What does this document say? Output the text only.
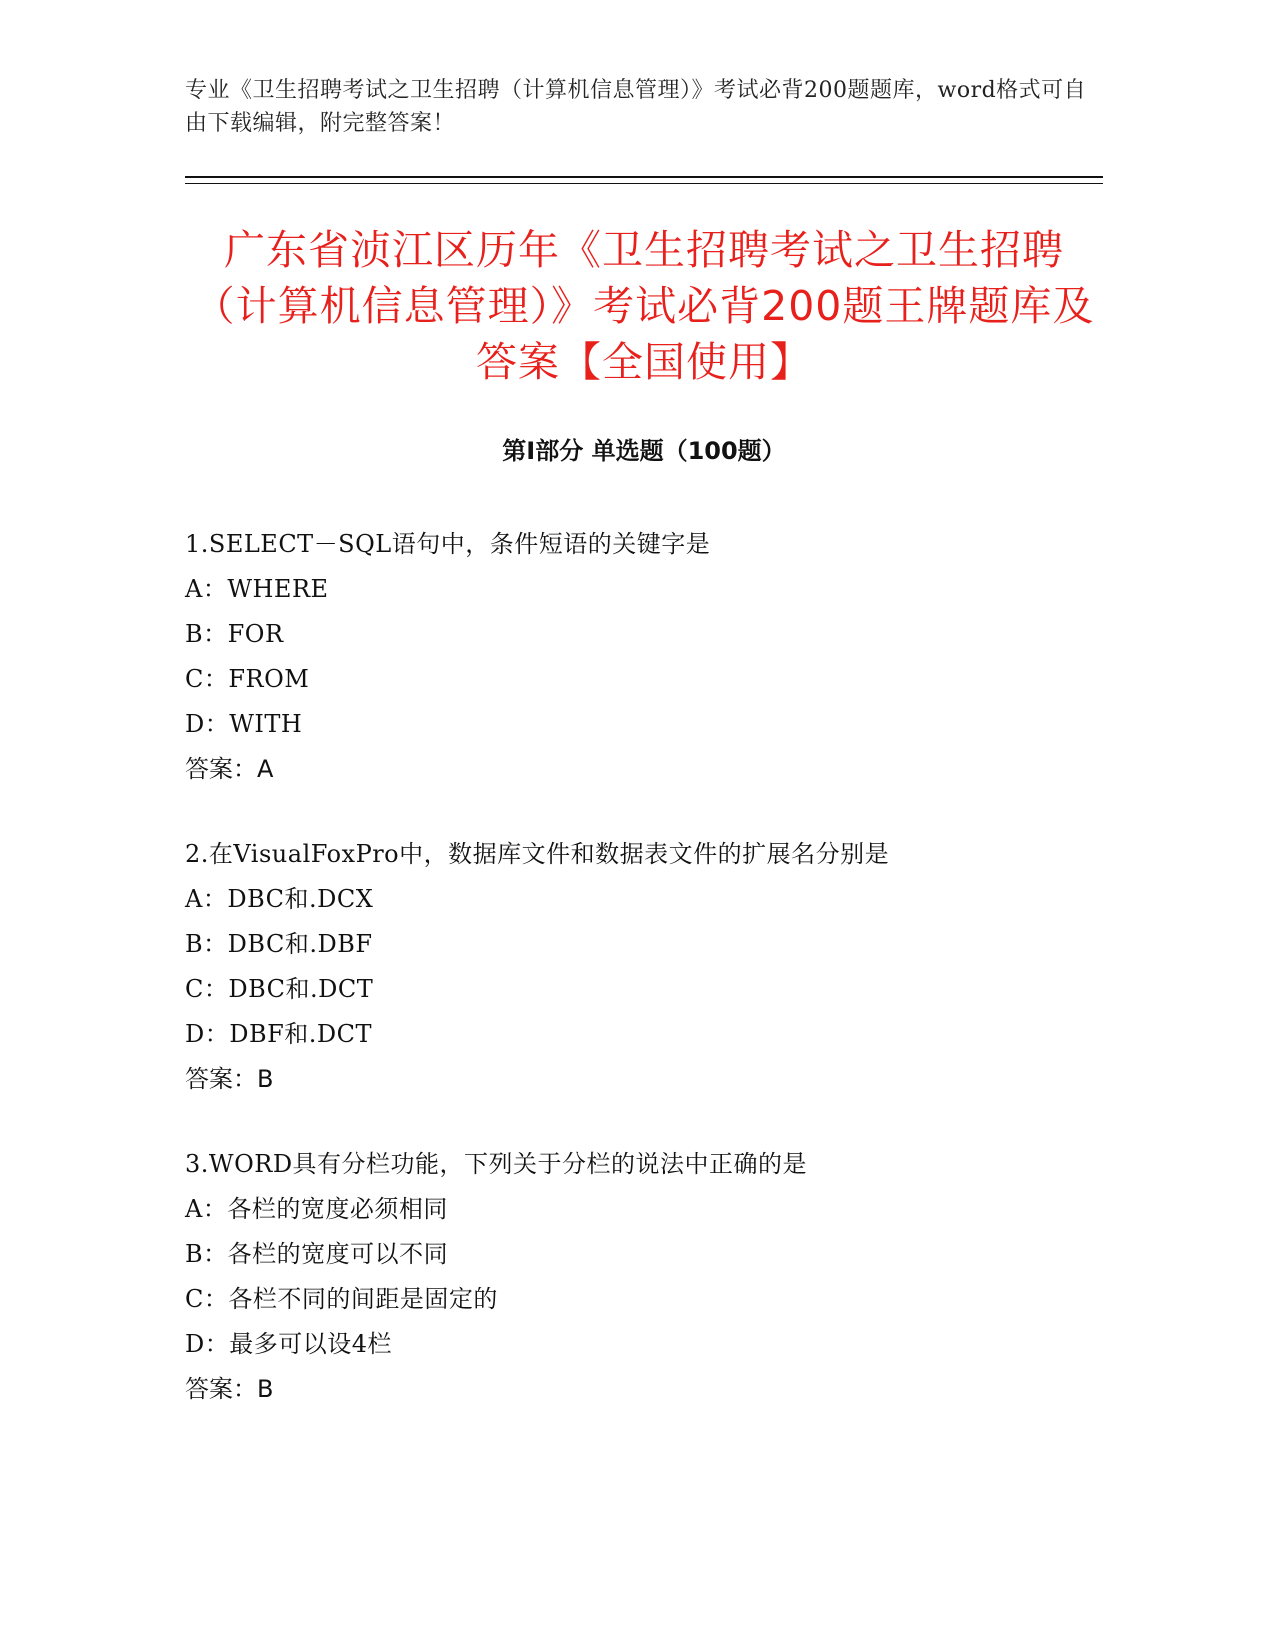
专业《卫生招聘考试之卫生招聘（计算机信息管理）》考试必背200题题库，word格式可自由下载编辑，附完整答案！
广东省浈江区历年《卫生招聘考试之卫生招聘（计算机信息管理）》考试必背200题王牌题库及答案【全国使用】
第I部分 单选题（100题）
1.SELECT－SQL语句中，条件短语的关键字是
A：WHERE
B：FOR
C：FROM
D：WITH
答案：A
2.在VisualFoxPro中，数据库文件和数据表文件的扩展名分别是
A：DBC和.DCX
B：DBC和.DBF
C：DBC和.DCT
D：DBF和.DCT
答案：B
3.WORD具有分栏功能，下列关于分栏的说法中正确的是
A：各栏的宽度必须相同
B：各栏的宽度可以不同
C：各栏不同的间距是固定的
D：最多可以设4栏
答案：B
